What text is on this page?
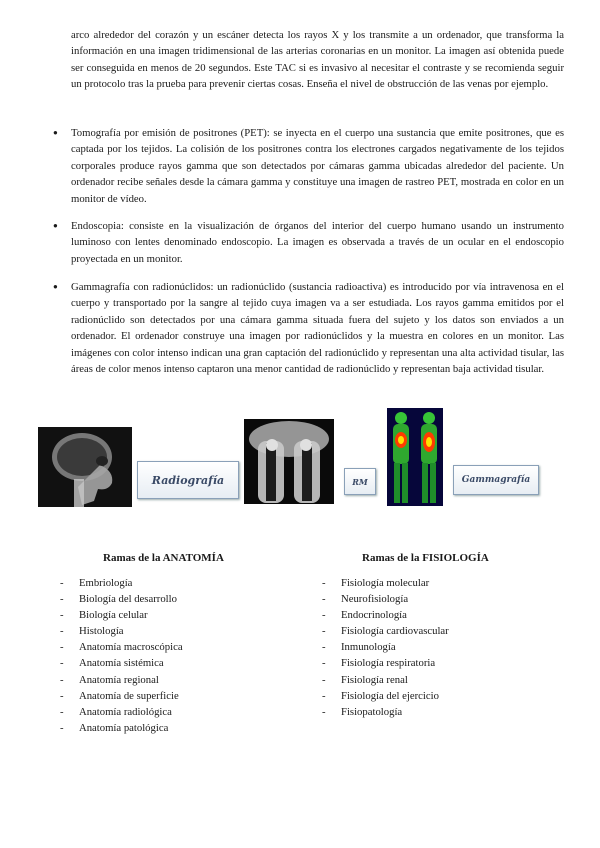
arco alrededor del corazón y un escáner detecta los rayos X y los transmite a un ordenador, que transforma la información en una imagen tridimensional de las arterias coronarias en un monitor. La imagen así obtenida puede ser conseguida en menos de 20 segundos. Este TAC si es invasivo al necesitar el contraste y se recomienda seguir un protocolo tras la prueba para prevenir ciertas cosas. Enseña el nivel de obstrucción de las venas por ejemplo.

● Tomografía por emisión de positrones (PET): se inyecta en el cuerpo una sustancia que emite positrones, que es captada por los tejidos. La colisión de los positrones contra los electrones cargados negativamente de los tejidos corporales produce rayos gamma que son detectados por cámaras gamma ubicadas alrededor del paciente. Un ordenador recibe señales desde la cámara gamma y constituye una imagen de rastreo PET, mostrada en color en un monitor de vídeo.

● Endoscopia: consiste en la visualización de órganos del interior del cuerpo humano usando un instrumento luminoso con lentes denominado endoscopio. La imagen es observada a través de un ocular en el endoscopio proyectada en un monitor.

● Gammagrafía con radionúclidos: un radionúclido (sustancia radioactiva) es introducido por vía intravenosa en el cuerpo y transportado por la sangre al tejido cuya imagen va a ser estudiada. Los rayos gamma emitidos por el radionúclido son detectados por una cámara gamma situada fuera del sujeto y los datos son enviados a un ordenador. El ordenador construye una imagen por radionúclidos y la muestra en colores en un monitor. Las imágenes con color intenso indican una gran captación del radionúclido y representan una alta actividad tisular, las áreas de color menos intenso captaron una menor cantidad de radionúclido y representan baja actividad tisular.

Radiografía	RM	Gammagrafía
Ramas de la ANATOMÍA
- Embriología
- Biología del desarrollo
- Biología celular
- Histología
- Anatomía macroscópica
- Anatomía sistémica
- Anatomía regional
- Anatomía de superficie
- Anatomía radiológica
- Anatomía patológica
Ramas de la FISIOLOGÍA
- Fisiología molecular
- Neurofisiología
- Endocrinología
- Fisiología cardiovascular
- Inmunología
- Fisiología respiratoria
- Fisiología renal
- Fisiología del ejercicio
- Fisiopatología
